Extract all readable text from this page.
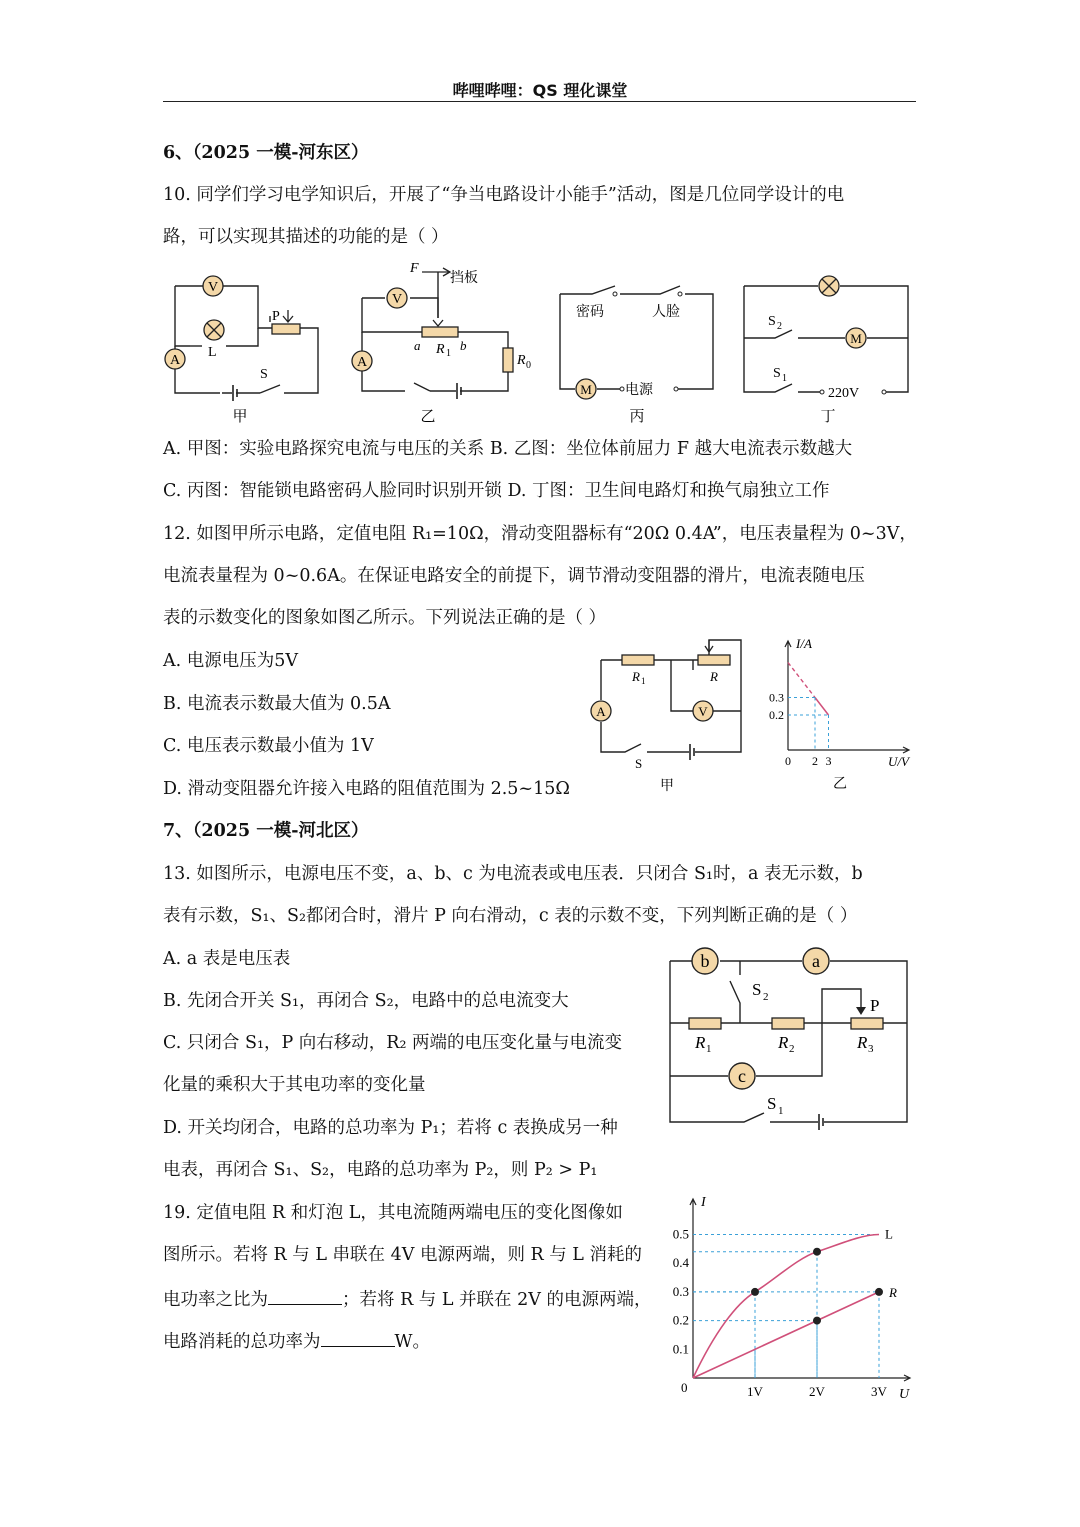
哔哩哔哩：QS 理化课堂
6、（2025 一模-河东区）
10. 同学们学习电学知识后，开展了“争当电路设计小能手”活动，图是几位同学设计的电
路，可以实现其描述的功能的是（ ）
V
A
P
L
S
甲
V
A
F
挡板
a R 1
b
R 0
乙
密码	人脸
M 电源
丙
M
S 2
S 1
220V
丁
A. 甲图：实验电路探究电流与电压的关系 B. 乙图：坐位体前屈力 F 越大电流表示数越大
C. 丙图：智能锁电路密码人脸同时识别开锁 D. 丁图：卫生间电路灯和换气扇独立工作
12. 如图甲所示电路，定值电阻 R₁=10Ω，滑动变阻器标有“20Ω 0.4A”，电压表量程为 0~3V，
电流表量程为 0~0.6A。在保证电路安全的前提下，调节滑动变阻器的滑片，电流表随电压
表的示数变化的图象如图乙所示。下列说法正确的是（ ）
A. 电源电压为5V
B. 电流表示数最大值为 0.5A
C. 电压表示数最小值为 1V
D. 滑动变阻器允许接入电路的阻值范围为 2.5~15Ω
A	V
R 1	R
S
甲
I/A
U/V
0.3
0.2
0 2 3
乙
7、（2025 一模-河北区）
13. 如图所示，电源电压不变，a、b、c 为电流表或电压表．只闭合 S₁时，a 表无示数，b
表有示数，S₁、S₂都闭合时，滑片 P 向右滑动，c 表的示数不变，下列判断正确的是（ ）
A. a 表是电压表
B. 先闭合开关 S₁，再闭合 S₂，电路中的总电流变大
C. 只闭合 S₁，P 向右移动，R₂ 两端的电压变化量与电流变
化量的乘积大于其电功率的变化量
D. 开关均闭合，电路的总功率为 P₁；若将 c 表换成另一种
电表，再闭合 S₁、S₂，电路的总功率为 P₂，则 P₂ > P₁
b	a
c
S 2
S 1
P
R 1	R 2	R 3
19. 定值电阻 R 和灯泡 L，其电流随两端电压的变化图像如
图所示。若将 R 与 L 串联在 4V 电源两端，则 R 与 L 消耗的
电功率之比为	；若将 R 与 L 并联在 2V 的电源两端，
电路消耗的总功率为	W。
I
U
0
L
R
0.5
0.4
0.3
0.2
0.1
1V	2V	3V
